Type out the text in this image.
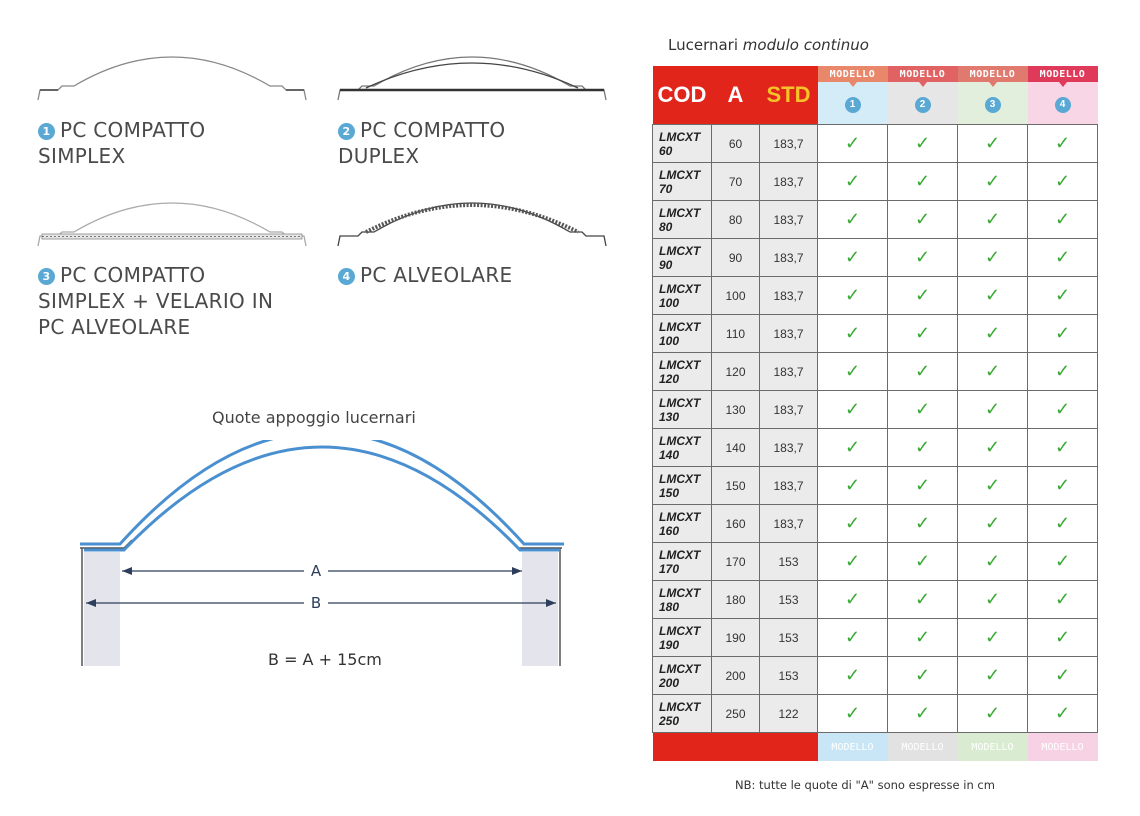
1 PC COMPATTO
SIMPLEX
2 PC COMPATTO
DUPLEX
3 PC COMPATTO
SIMPLEX + VELARIO IN
PC ALVEOLARE
4 PC ALVEOLARE
Quote appoggio lucernari
A
B
B = A + 15cm
Lucernari modulo continuo
COD	A	STD	MODELLO	MODELLO	MODELLO	MODELLO

			1	2	3	4
LMCXT
60	60	183,7	✓	✓	✓	✓
LMCXT
70	70	183,7	✓	✓	✓	✓
LMCXT
80	80	183,7	✓	✓	✓	✓
LMCXT
90	90	183,7	✓	✓	✓	✓
LMCXT
100	100	183,7	✓	✓	✓	✓
LMCXT
100	110	183,7	✓	✓	✓	✓
LMCXT
120	120	183,7	✓	✓	✓	✓
LMCXT
130	130	183,7	✓	✓	✓	✓
LMCXT
140	140	183,7	✓	✓	✓	✓
LMCXT
150	150	183,7	✓	✓	✓	✓
LMCXT
160	160	183,7	✓	✓	✓	✓
LMCXT
170	170	153	✓	✓	✓	✓
LMCXT
180	180	153	✓	✓	✓	✓
LMCXT
190	190	153	✓	✓	✓	✓
LMCXT
200	200	153	✓	✓	✓	✓
LMCXT
250	250	122	✓	✓	✓	✓
			MODELLO	MODELLO	MODELLO	MODELLO
NB: tutte le quote di "A" sono espresse in cm
